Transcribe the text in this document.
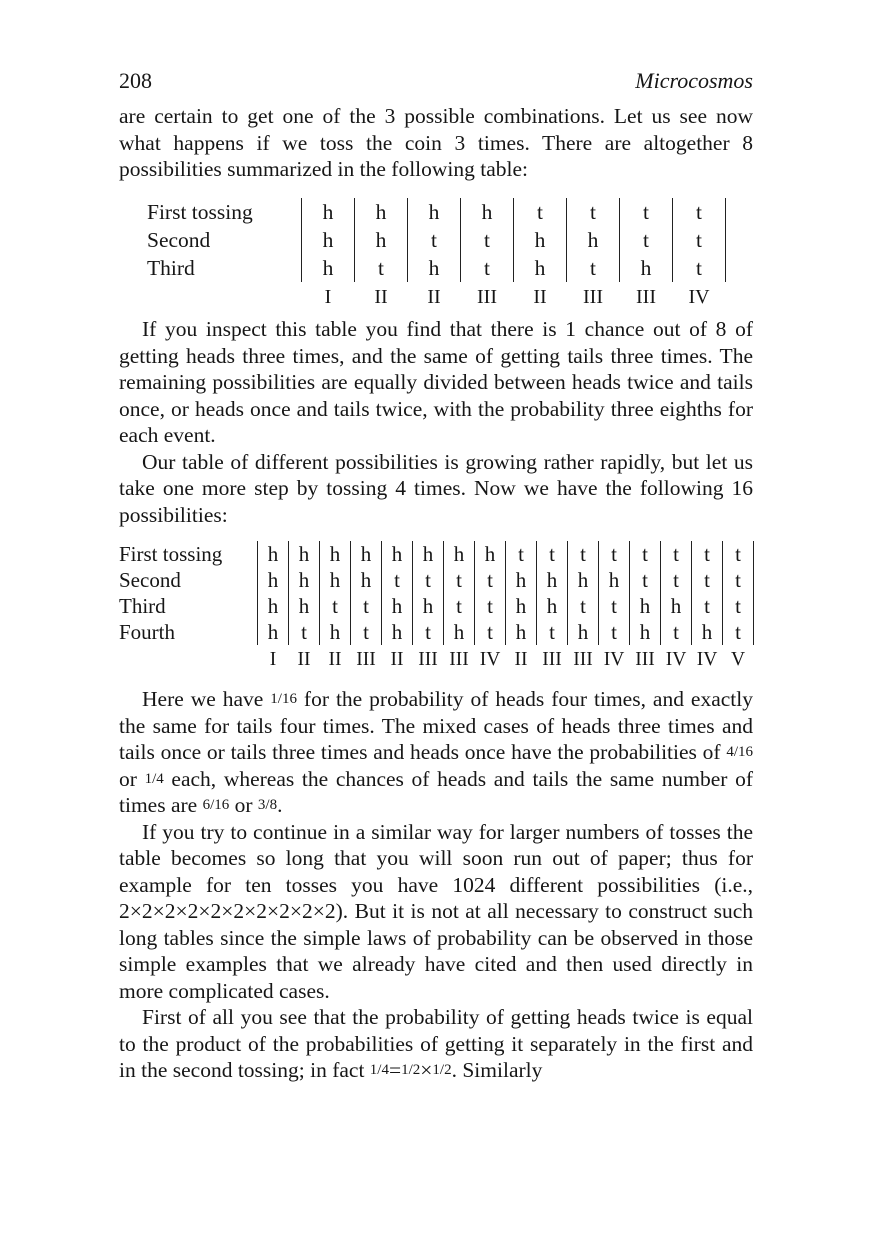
208	Microcosmos

are certain to get one of the 3 possible combinations. Let us see now what happens if we toss the coin 3 times. There are altogether 8 possibilities summarized in the following table:

First tossing	h	h	h	h	t	t	t	t
Second	h	h	t	t	h	h	t	t
Third	h	t	h	t	h	t	h	t
	I	II	II	III	II	III	III	IV

If you inspect this table you find that there is 1 chance out of 8 of getting heads three times, and the same of getting tails three times. The remaining possibilities are equally divided between heads twice and tails once, or heads once and tails twice, with the probability three eighths for each event.

Our table of different possibilities is growing rather rapidly, but let us take one more step by tossing 4 times. Now we have the following 16 possibilities:

First tossing	h	h	h	h	h	h	h	h	t	t	t	t	t	t	t	t
Second	h	h	h	h	t	t	t	t	h	h	h	h	t	t	t	t
Third	h	h	t	t	h	h	t	t	h	h	t	t	h	h	t	t
Fourth	h	t	h	t	h	t	h	t	h	t	h	t	h	t	h	t
	I	II	II	III	II	III	III	IV	II	III	III	IV	III	IV	IV	V

Here we have 1/16 for the probability of heads four times, and exactly the same for tails four times. The mixed cases of heads three times and tails once or tails three times and heads once have the probabilities of 4/16 or 1/4 each, whereas the chances of heads and tails the same number of times are 6/16 or 3/8.

If you try to continue in a similar way for larger numbers of tosses the table becomes so long that you will soon run out of paper; thus for example for ten tosses you have 1024 different possibilities (i.e., 2×2×2×2×2×2×2×2×2×2). But it is not at all necessary to construct such long tables since the simple laws of probability can be observed in those simple examples that we already have cited and then used directly in more complicated cases.

First of all you see that the probability of getting heads twice is equal to the product of the probabilities of getting it separately in the first and in the second tossing; in fact 1/4=1/2×1/2. Similarly
